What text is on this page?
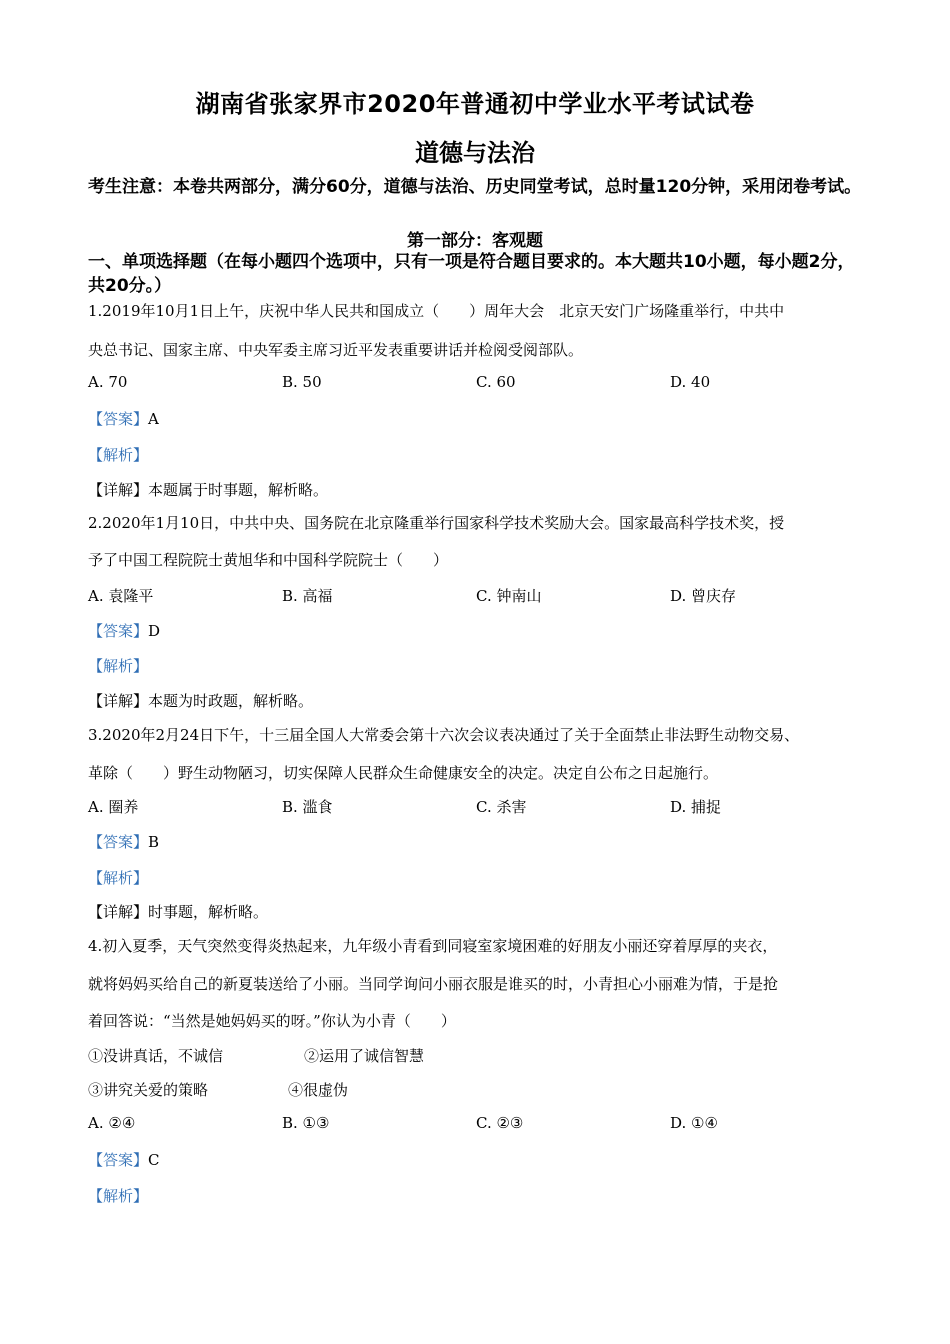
湖南省张家界市2020年普通初中学业水平考试试卷
道德与法治
考生注意：本卷共两部分，满分60分，道德与法治、历史同堂考试，总时量120分钟，采用闭卷考试。
第一部分：客观题
一、单项选择题（在每小题四个选项中，只有一项是符合题目要求的。本大题共10小题，每小题2分，共20分。）
1.2019年10月1日上午，庆祝中华人民共和国成立（　　）周年大会　北京天安门广场隆重举行，中共中
央总书记、国家主席、中央军委主席习近平发表重要讲话并检阅受阅部队。
A. 70	B. 50	C. 60	D. 40
【答案】A
【解析】
【详解】本题属于时事题，解析略。
2.2020年1月10日，中共中央、国务院在北京隆重举行国家科学技术奖励大会。国家最高科学技术奖，授
予了中国工程院院士黄旭华和中国科学院院士（　　）
A. 袁隆平	B. 高福	C. 钟南山	D. 曾庆存
【答案】D
【解析】
【详解】本题为时政题，解析略。
3.2020年2月24日下午，十三届全国人大常委会第十六次会议表决通过了关于全面禁止非法野生动物交易、
革除（　　）野生动物陋习，切实保障人民群众生命健康安全的决定。决定自公布之日起施行。
A. 圈养	B. 滥食	C. 杀害	D. 捕捉
【答案】B
【解析】
【详解】时事题，解析略。
4.初入夏季，天气突然变得炎热起来，九年级小青看到同寝室家境困难的好朋友小丽还穿着厚厚的夹衣，
就将妈妈买给自己的新夏装送给了小丽。当同学询问小丽衣服是谁买的时，小青担心小丽难为情，于是抢
着回答说：“当然是她妈妈买的呀。”你认为小青（　　）
①没讲真话，不诚信	②运用了诚信智慧
③讲究关爱的策略	④很虚伪
A. ②④	B. ①③	C. ②③	D. ①④
【答案】C
【解析】
